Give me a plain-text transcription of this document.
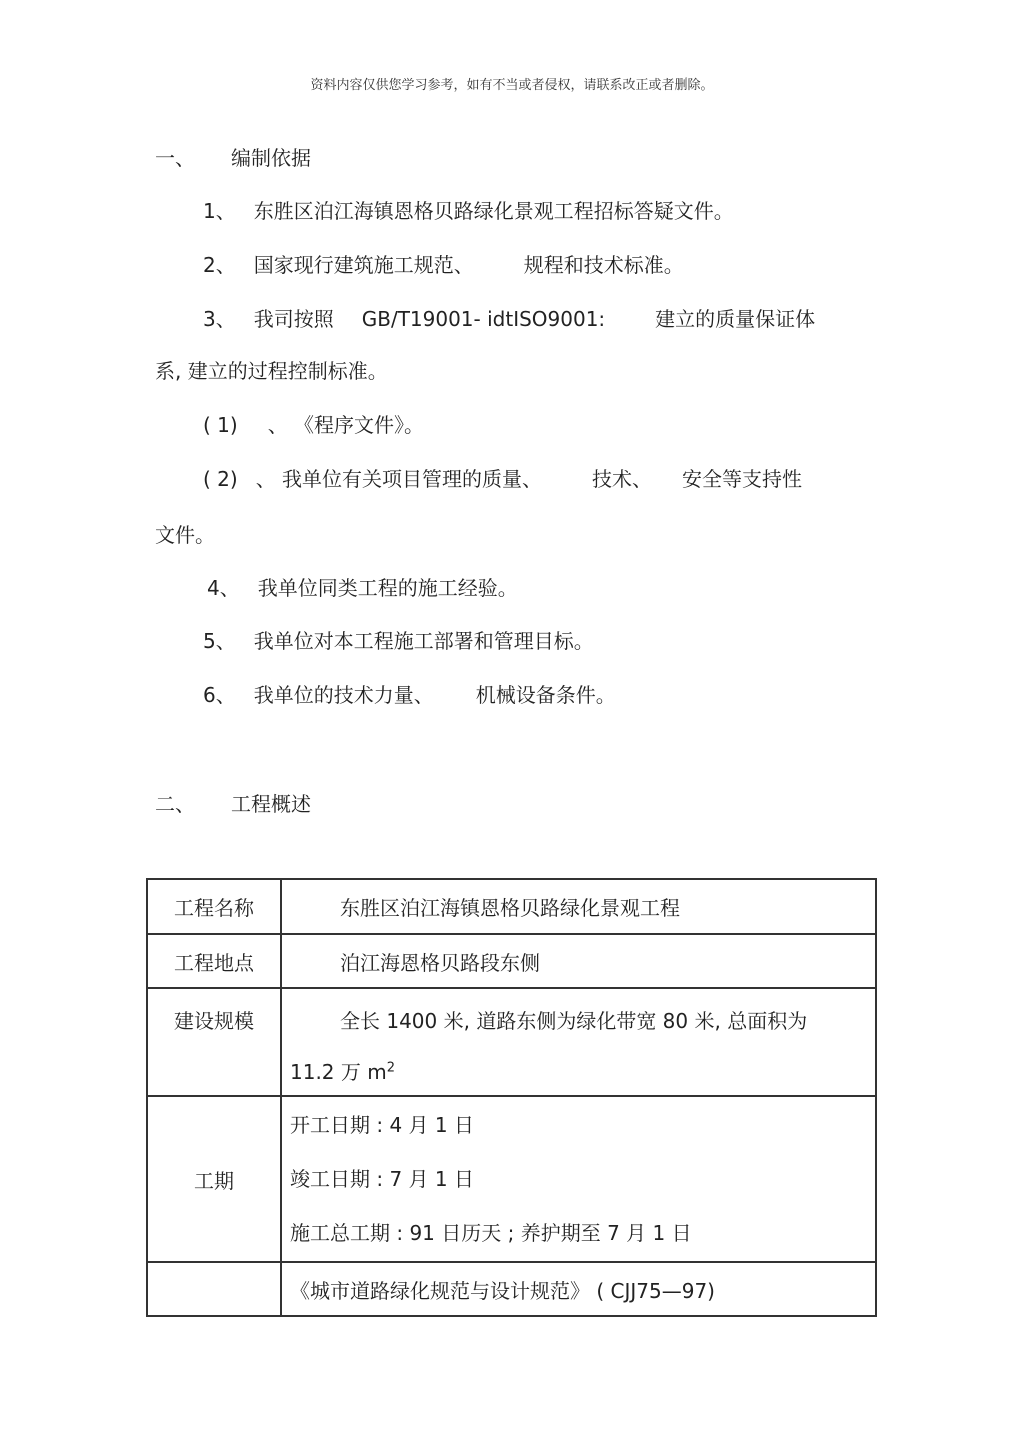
资料内容仅供您学习参考，如有不当或者侵权，请联系改正或者删除。
一、 编制依据
1、 东胜区泊江海镇恩格贝路绿化景观工程招标答疑文件。
2、 国家现行建筑施工规范、	规程和技术标准。
3、 我司按照 GB/T19001- idtISO9001:	建立的质量保证体
系, 建立的过程控制标准。
( 1) 、 《程序文件》。
( 2) 、 我单位有关项目管理的质量、	技术、 安全等支持性
文件。
4、 我单位同类工程的施工经验。
5、 我单位对本工程施工部署和管理目标。
6、 我单位的技术力量、 机械设备条件。
二、 工程概述
工程名称	东胜区泊江海镇恩格贝路绿化景观工程
工程地点	泊江海恩格贝路段东侧
建设规模	全长 1400 米, 道路东侧为绿化带宽 80 米, 总面积为
11.2 万 $m^2$

工期	开工日期 : 4 月 1 日
竣工日期 : 7 月 1 日
施工总工期 : 91 日历天 ; 养护期至 7 月 1 日

	《城市道路绿化规范与设计规范》 ( CJJ75—97)
